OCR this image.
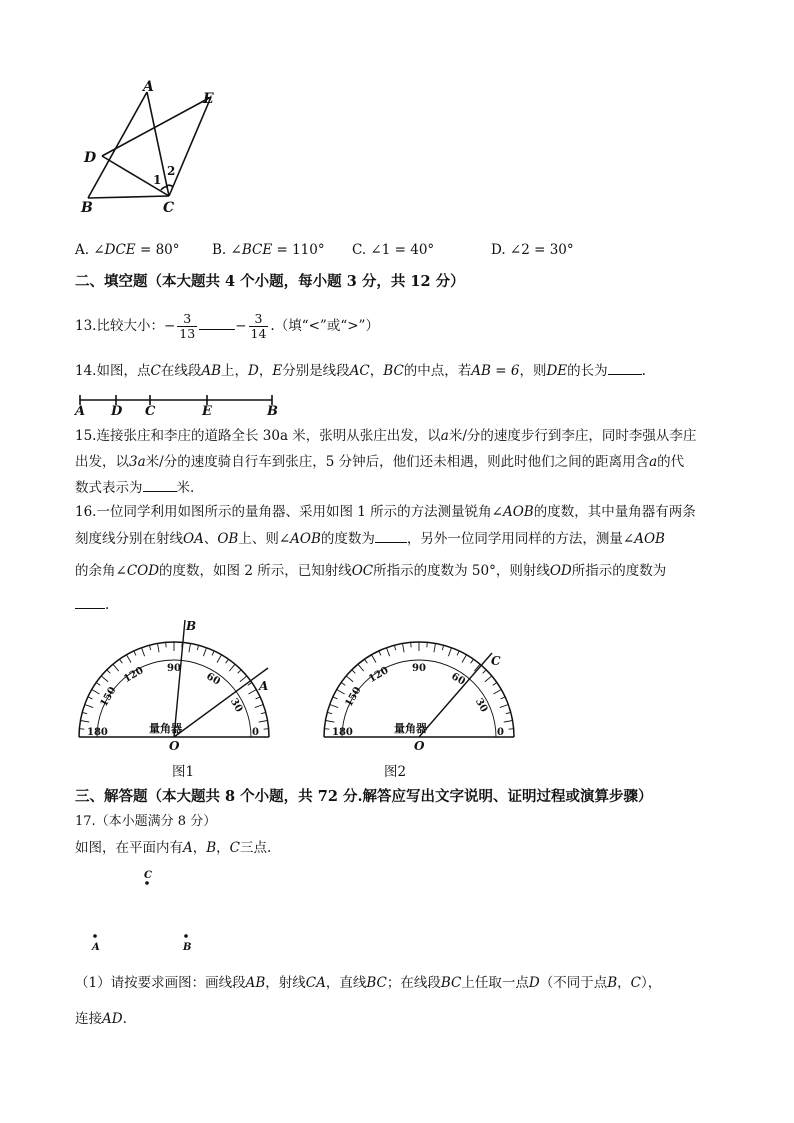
A
E
D
B	C
1
2
A. ∠DCE = 80° B. ∠BCE = 110° C. ∠1 = 40°	D. ∠2 = 30°
二、填空题（本大题共 4 个小题，每小题 3 分，共 12 分）
13.比较大小：− $\frac{3}{13}$	− $\frac{3}{14}$ .（填“<”或“>”）
14.如图，点C在线段AB上，D，E分别是线段AC，BC的中点，若AB = 6，则DE的长为	.
A D C	E	B
15.连接张庄和李庄的道路全长 30a 米，张明从张庄出发，以a米/分的速度步行到李庄，同时李强从李庄
出发，以3a米/分的速度骑自行车到张庄，5 分钟后，他们还未相遇，则此时他们之间的距离用含a的代
数式表示为	米.
16.一位同学利用如图所示的量角器、采用如图 1 所示的方法测量锐角∠AOB的度数，其中量角器有两条
刻度线分别在射线OA、OB上、则∠AOB的度数为 ，另外一位同学用同样的方法，测量∠AOB
的余角∠COD的度数，如图 2 所示，已知射线OC所指示的度数为 50°，则射线OD所指示的度数为
.
180
150
120 90
60
30
0
量角器
O
A
B
图1
180
150
120 90
60
30
0
量角器
O
C
图2
三、解答题（本大题共 8 个小题，共 72 分.解答应写出文字说明、证明过程或演算步骤）
17.（本小题满分 8 分）
如图，在平面内有A，B，C三点.
C
A	B
（1）请按要求画图：画线段AB，射线CA，直线BC；在线段BC上任取一点D（不同于点B，C），
连接AD.
